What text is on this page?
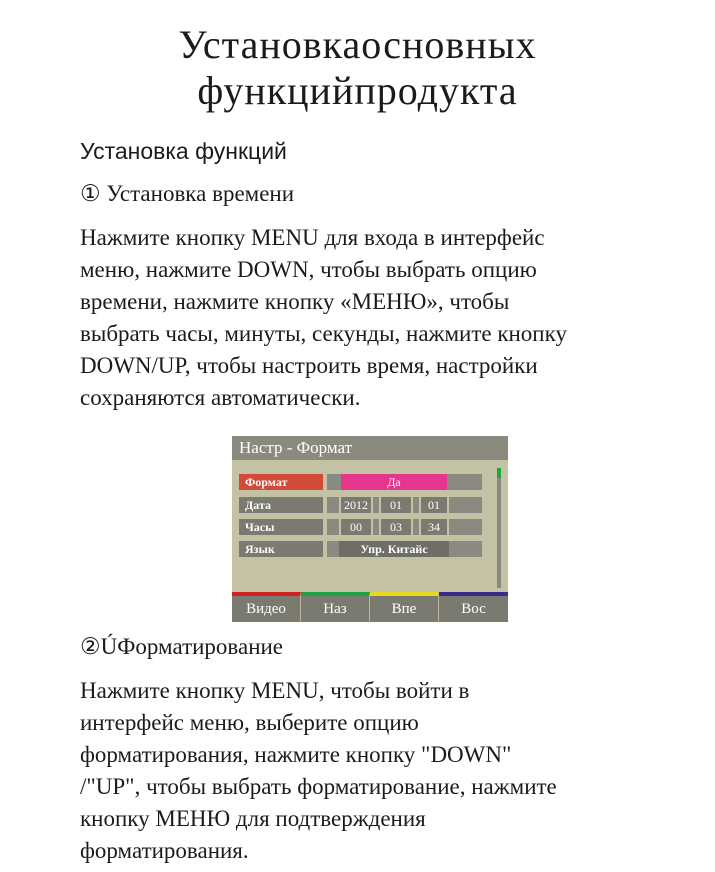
Установкаосновных
функцийпродукта
Установка функций
① Установка времени
Нажмите кнопку MENU для входа в интерфейс
меню, нажмите DOWN, чтобы выбрать опцию
времени, нажмите кнопку «МЕНЮ», чтобы
выбрать часы, минуты, секунды, нажмите кнопку
DOWN/UP, чтобы настроить время, настройки
сохраняются автоматически.
Настр - Формат
Формат	Да
Дата	2012	01	01
Часы	00	03	34
Язык	Упр. Китайс
Видео	Наз	Впе	Вос
②ÚФорматирование
Нажмите кнопку MENU, чтобы войти в
интерфейс меню, выберите опцию
форматирования, нажмите кнопку "DOWN"
/"UP", чтобы выбрать форматирование, нажмите
кнопку МЕНЮ для подтверждения
форматирования.
